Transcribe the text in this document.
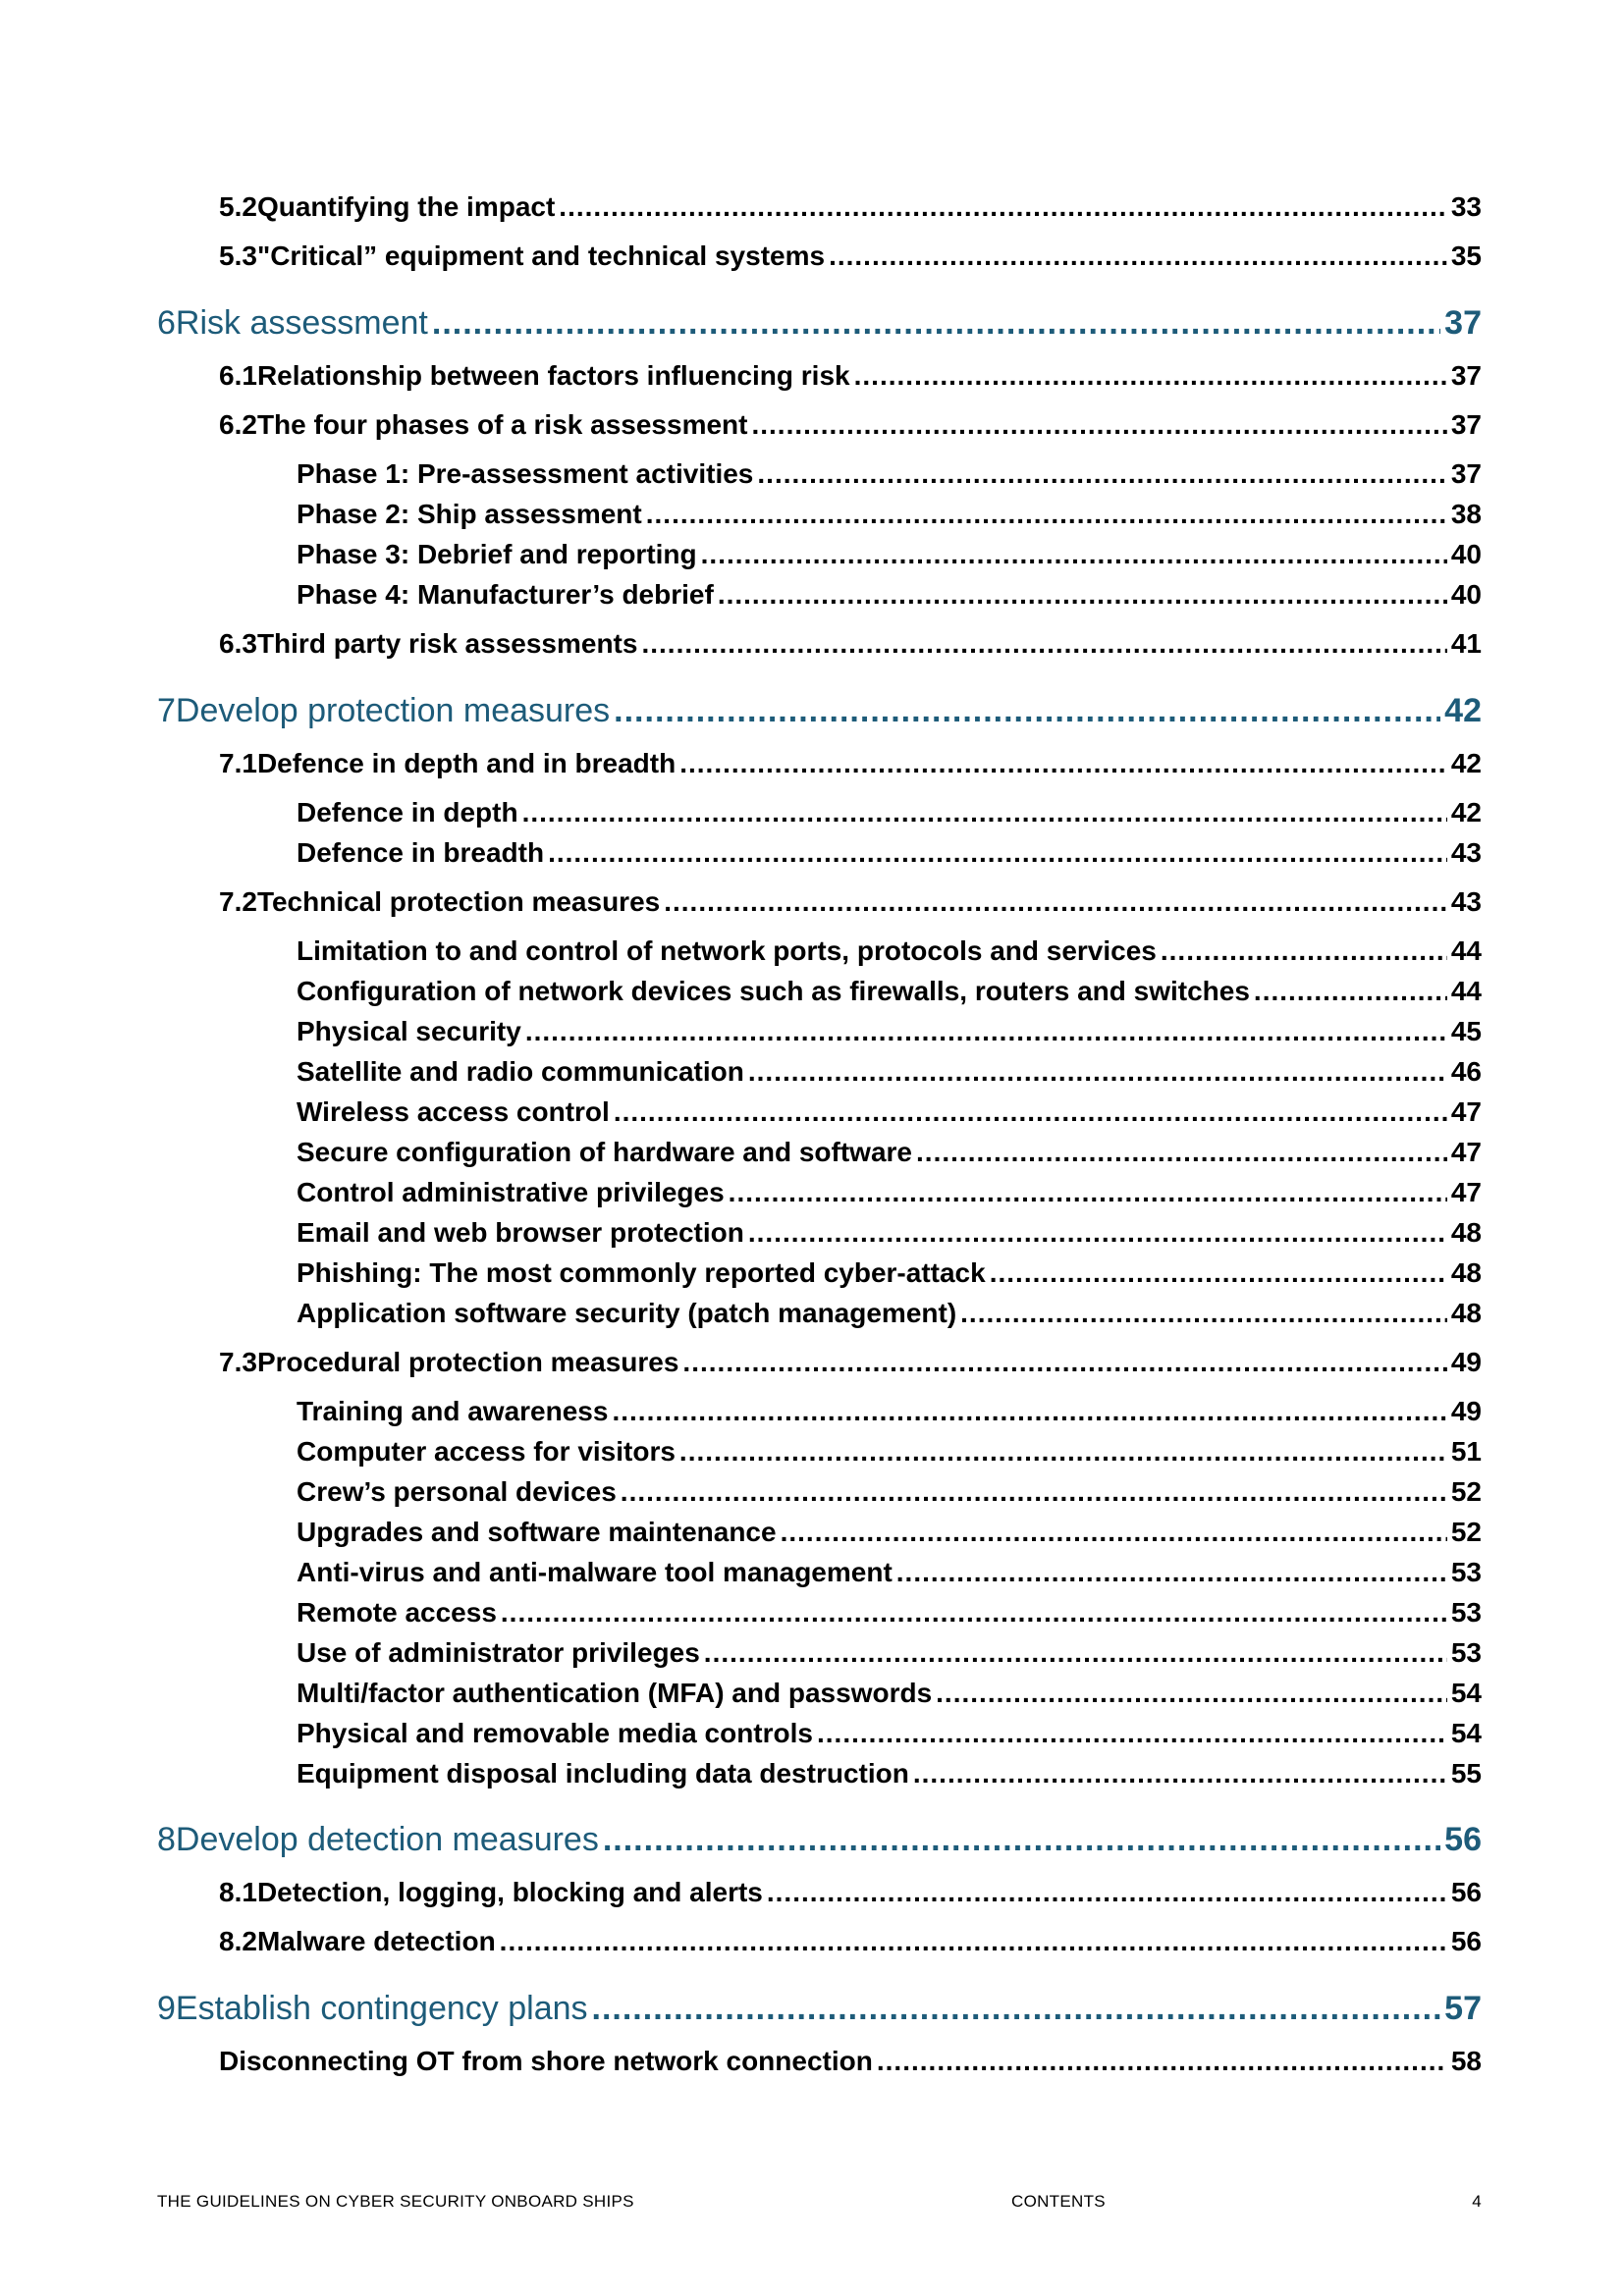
5.2 Quantifying the impact .....	33
5.3 "Critical” equipment and technical systems .....	35
6 Risk assessment .....	37
6.1 Relationship between factors influencing risk .....	37
6.2 The four phases of a risk assessment .....	37
Phase 1: Pre-assessment activities .....	37
Phase 2: Ship assessment .....	38
Phase 3: Debrief and reporting .....	40
Phase 4: Manufacturer’s debrief .....	40
6.3 Third party risk assessments .....	41
7 Develop protection measures .....	42
7.1 Defence in depth and in breadth .....	42
Defence in depth .....	42
Defence in breadth .....	43
7.2 Technical protection measures .....	43
Limitation to and control of network ports, protocols and services .....	44
Configuration of network devices such as firewalls, routers and switches .....	44
Physical security .....	45
Satellite and radio communication .....	46
Wireless access control .....	47
Secure configuration of hardware and software .....	47
Control administrative privileges .....	47
Email and web browser protection .....	48
Phishing: The most commonly reported cyber-attack .....	48
Application software security (patch management) .....	48
7.3 Procedural protection measures .....	49
Training and awareness .....	49
Computer access for visitors .....	51
Crew’s personal devices .....	52
Upgrades and software maintenance .....	52
Anti-virus and anti-malware tool management .....	53
Remote access .....	53
Use of administrator privileges .....	53
Multi/factor authentication (MFA) and passwords .....	54
Physical and removable media controls .....	54
Equipment disposal including data destruction .....	55
8 Develop detection measures .....	56
8.1 Detection, logging, blocking and alerts .....	56
8.2 Malware detection .....	56
9 Establish contingency plans .....	57
Disconnecting OT from shore network connection .....	58
THE GUIDELINES ON CYBER SECURITY ONBOARD SHIPS	CONTENTS	4
